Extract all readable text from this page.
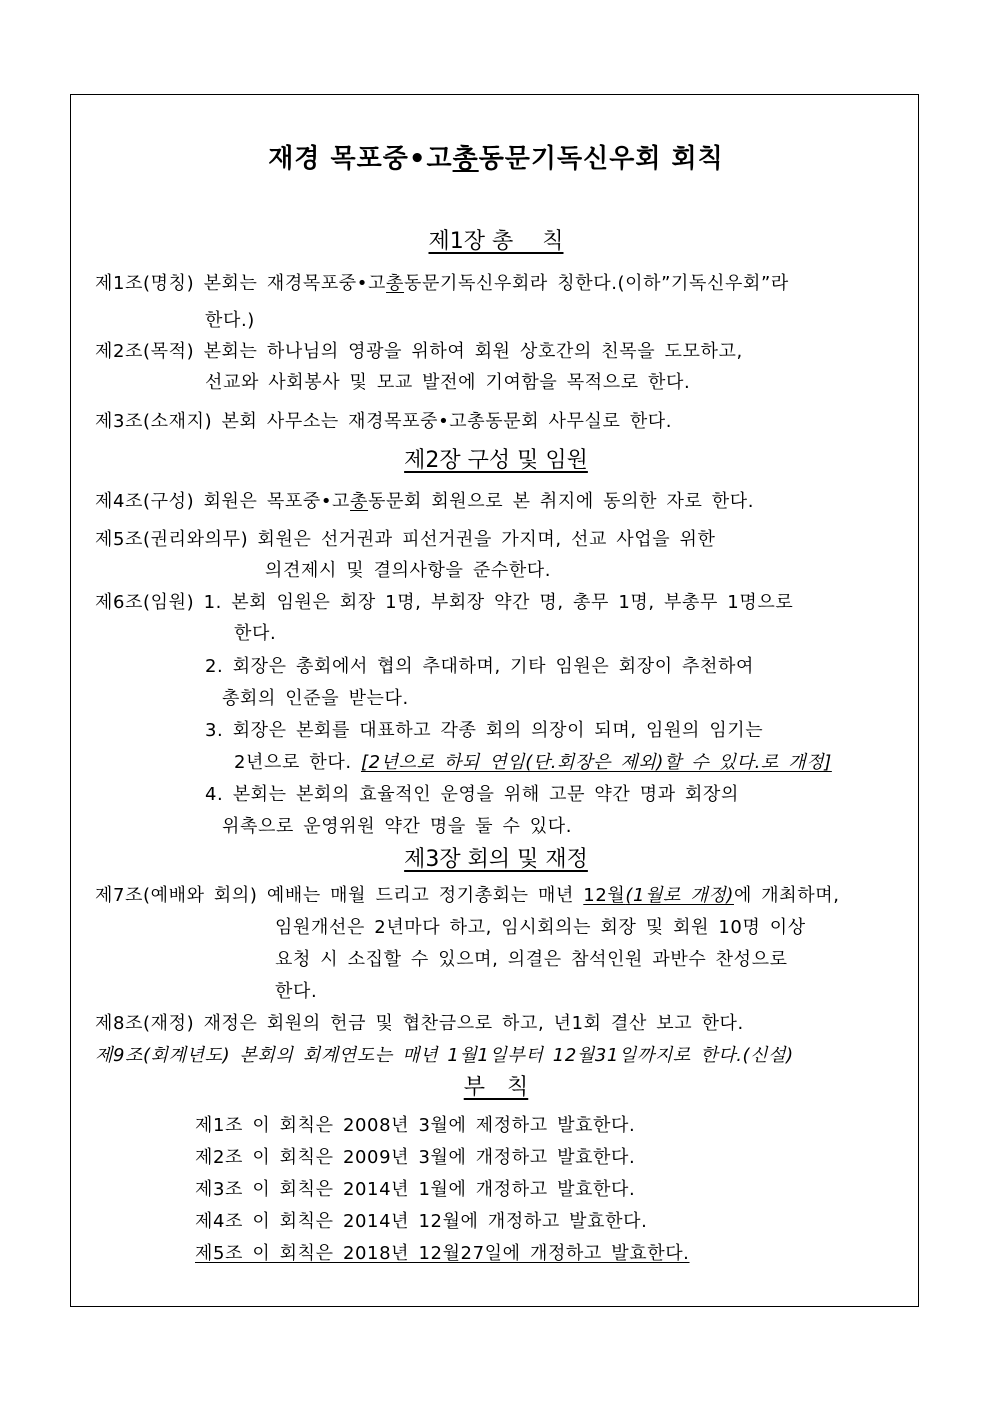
재경 목포중•고총동문기독신우회 회칙
제1장 총　 칙
제1조(명칭) 본회는 재경목포중•고총동문기독신우회라 칭한다.(이하”기독신우회”라
한다.)
제2조(목적) 본회는 하나님의 영광을 위하여 회원 상호간의 친목을 도모하고,
선교와 사회봉사 및 모교 발전에 기여함을 목적으로 한다.
제3조(소재지) 본회 사무소는 재경목포중•고총동문회 사무실로 한다.
제2장 구성 및 임원
제4조(구성) 회원은 목포중•고총동문회 회원으로 본 취지에 동의한 자로 한다.
제5조(권리와의무) 회원은 선거권과 피선거권을 가지며, 선교 사업을 위한
의견제시 및 결의사항을 준수한다.
제6조(임원) 1. 본회 임원은 회장 1명, 부회장 약간 명, 총무 1명, 부총무 1명으로
한다.
2. 회장은 총회에서 협의 추대하며, 기타 임원은 회장이 추천하여
총회의 인준을 받는다.
3. 회장은 본회를 대표하고 각종 회의 의장이 되며, 임원의 임기는
2년으로 한다. [2년으로 하되 연임(단.회장은 제외)할 수 있다.로 개정]
4. 본회는 본회의 효율적인 운영을 위해 고문 약간 명과 회장의
위촉으로 운영위원 약간 명을 둘 수 있다.
제3장 회의 및 재정
제7조(예배와 회의) 예배는 매월 드리고 정기총회는 매년 12월(1월로 개정)에 개최하며,
임원개선은 2년마다 하고, 임시회의는 회장 및 회원 10명 이상
요청 시 소집할 수 있으며, 의결은 참석인원 과반수 찬성으로
한다.
제8조(재정) 재정은 회원의 헌금 및 협찬금으로 하고, 년1회 결산 보고 한다.
제9조(회계년도) 본회의 회계연도는 매년 1월1일부터 12월31일까지로 한다.(신설)
부　칙
제1조 이 회칙은 2008년 3월에 제정하고 발효한다.
제2조 이 회칙은 2009년 3월에 개정하고 발효한다.
제3조 이 회칙은 2014년 1월에 개정하고 발효한다.
제4조 이 회칙은 2014년 12월에 개정하고 발효한다.
제5조 이 회칙은 2018년 12월27일에 개정하고 발효한다.
